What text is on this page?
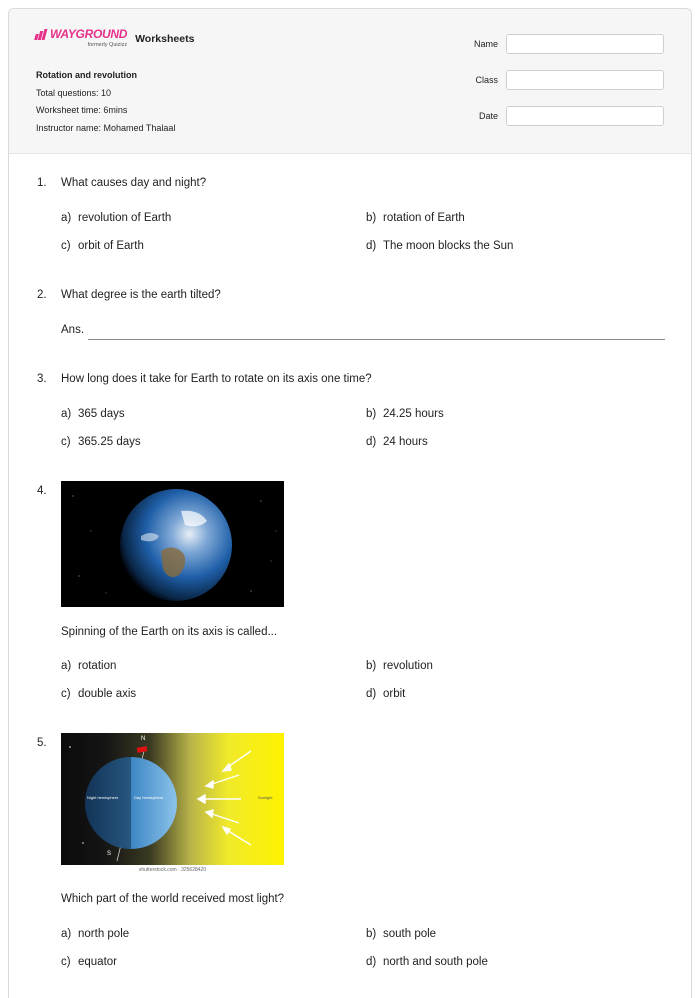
WAYGROUND
formerly Quizizz Worksheets
Rotation and revolution
Total questions: 10
Worksheet time: 6mins
Instructor name: Mohamed Thalaal
Name
Class
Date
1. What causes day and night?
a) revolution of Earth	b) rotation of Earth
c) orbit of Earth	d) The moon blocks the Sun
2. What degree is the earth tilted?
Ans.
3. How long does it take for Earth to rotate on its axis one time?
a) 365 days	b) 24.25 hours
c) 365.25 days	d) 24 hours
4.
Spinning of the Earth on its axis is called...
a) rotation	b) revolution
c) double axis	d) orbit
5.	N
S
Night hemisphere	Day hemisphere	Sunlight
shutterstock.com · 325628420
Which part of the world received most light?
a) north pole	b) south pole
c) equator	d) north and south pole
